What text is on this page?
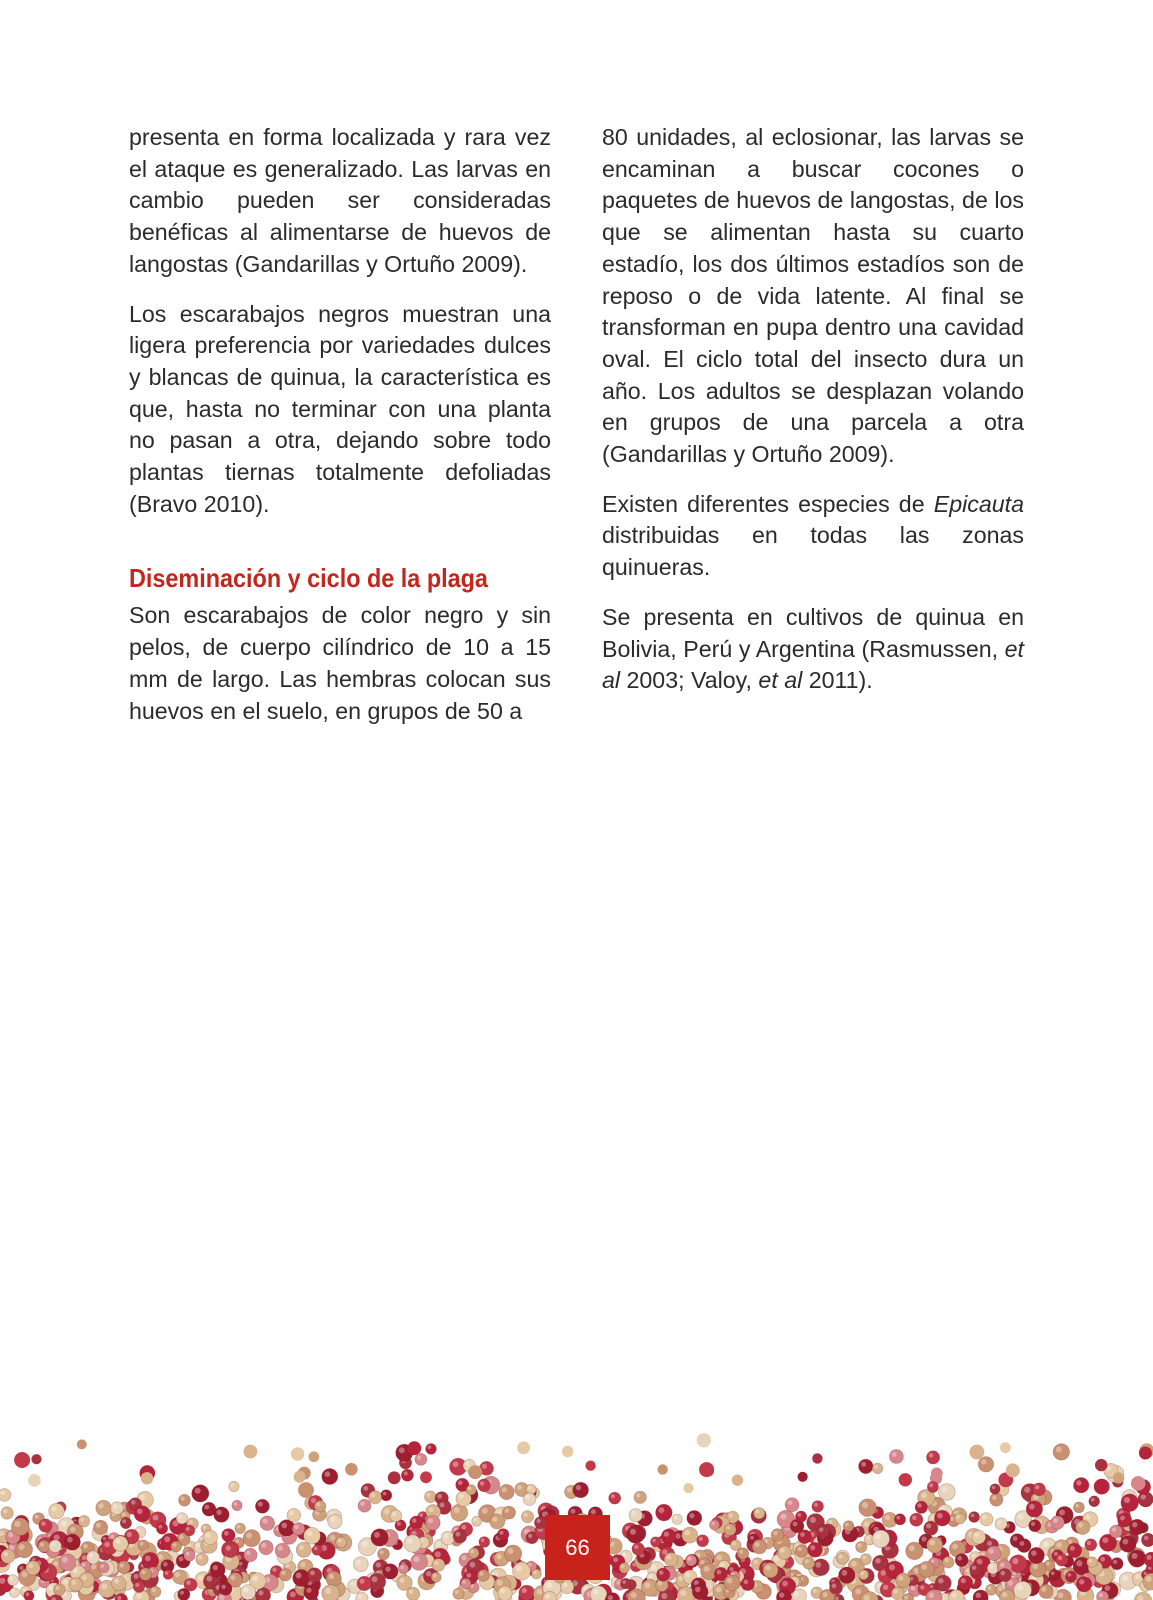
presenta en forma localizada y rara vez el ataque es generalizado. Las larvas en cambio pueden ser consideradas benéficas al alimentarse de huevos de langostas (Gandarillas y Ortuño 2009).

Los escarabajos negros muestran una ligera preferencia por variedades dulces y blancas de quinua, la característica es que, hasta no terminar con una planta no pasan a otra, dejando sobre todo plantas tiernas totalmente defoliadas (Bravo 2010).

Diseminación y ciclo de la plaga

Son escarabajos de color negro y sin pelos, de cuerpo cilíndrico de 10 a 15 mm de largo. Las hembras colocan sus huevos en el suelo, en grupos de 50 a

80 unidades, al eclosionar, las larvas se encaminan a buscar cocones o paquetes de huevos de langostas, de los que se alimentan hasta su cuarto estadío, los dos últimos estadíos son de reposo o de vida latente. Al final se transforman en pupa dentro una cavidad oval. El ciclo total del insecto dura un año. Los adultos se desplazan volando en grupos de una parcela a otra (Gandarillas y Ortuño 2009).

Existen diferentes especies de Epicauta distribuidas en todas las zonas quinueras.

Se presenta en cultivos de quinua en Bolivia, Perú y Argentina (Rasmussen, et al 2003; Valoy, et al 2011).

66
